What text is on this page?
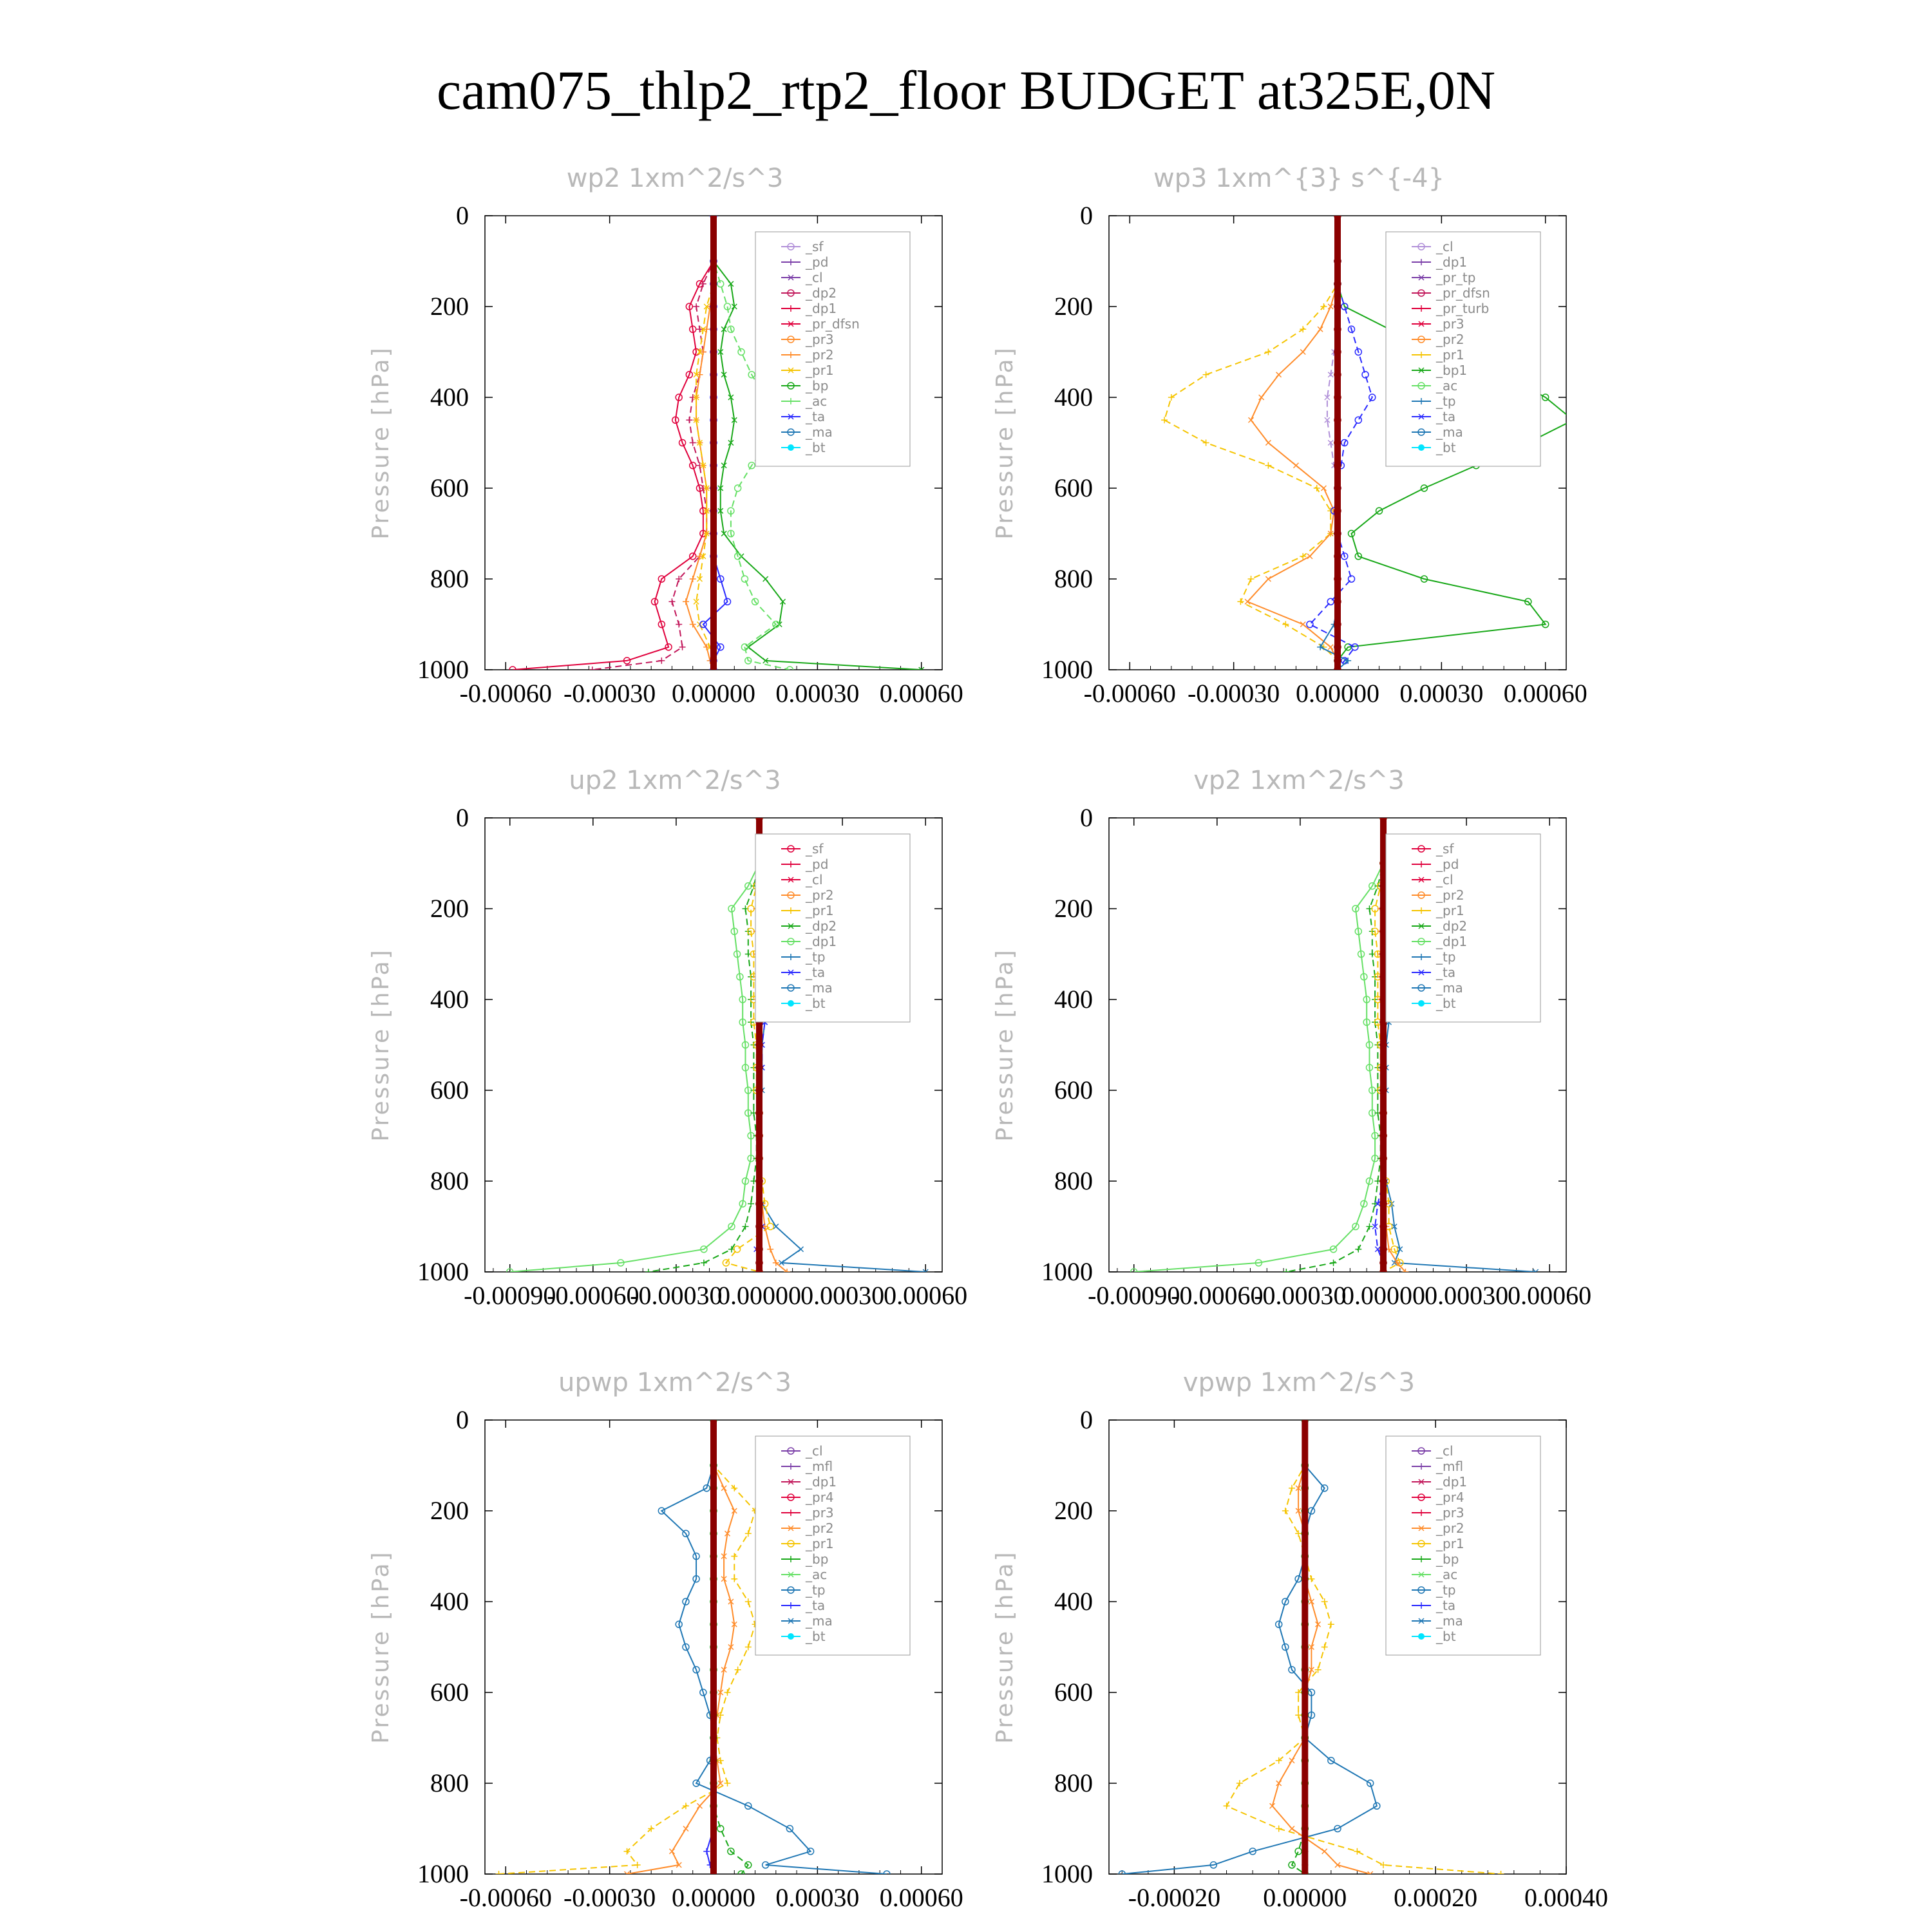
cam075_thlp2_rtp2_floor BUDGET at325E,0N
wp2 1xm^2/s^3
Pressure [hPa]
0
200
400
600
800
1000
-0.00060 -0.00030 0.00000 0.00030 0.00060
_sf
_pd
_cl
_dp2
_dp1
_pr_dfsn
_pr3
_pr2
_pr1
_bp
_ac
_ta
_ma
_bt
wp3 1xm^{3} s^{-4}
Pressure [hPa]
0
200
400
600
800
1000
-0.00060 -0.00030 0.00000 0.00030 0.00060
_cl
_dp1
_pr_tp
_pr_dfsn
_pr_turb
_pr3
_pr2
_pr1
_bp1
_ac
_tp
_ta
_ma
_bt
up2 1xm^2/s^3
Pressure [hPa]
0
200
400
600
800
1000
-0.00090
-0.00060
-0.00030
0.00000 0.00030 0.00060
_sf
_pd
_cl
_pr2
_pr1
_dp2
_dp1
_tp
_ta
_ma
_bt
vp2 1xm^2/s^3
Pressure [hPa]
0
200
400
600
800
1000
-0.00090
-0.00060
-0.00030
0.00000 0.00030 0.00060
_sf
_pd
_cl
_pr2
_pr1
_dp2
_dp1
_tp
_ta
_ma
_bt
upwp 1xm^2/s^3
Pressure [hPa]
0
200
400
600
800
1000
-0.00060 -0.00030 0.00000 0.00030 0.00060
_cl
_mfl
_dp1
_pr4
_pr3
_pr2
_pr1
_bp
_ac
_tp
_ta
_ma
_bt
vpwp 1xm^2/s^3
Pressure [hPa]
0
200
400
600
800
1000
-0.00020 0.00000 0.00020 0.00040
_cl
_mfl
_dp1
_pr4
_pr3
_pr2
_pr1
_bp
_ac
_tp
_ta
_ma
_bt
